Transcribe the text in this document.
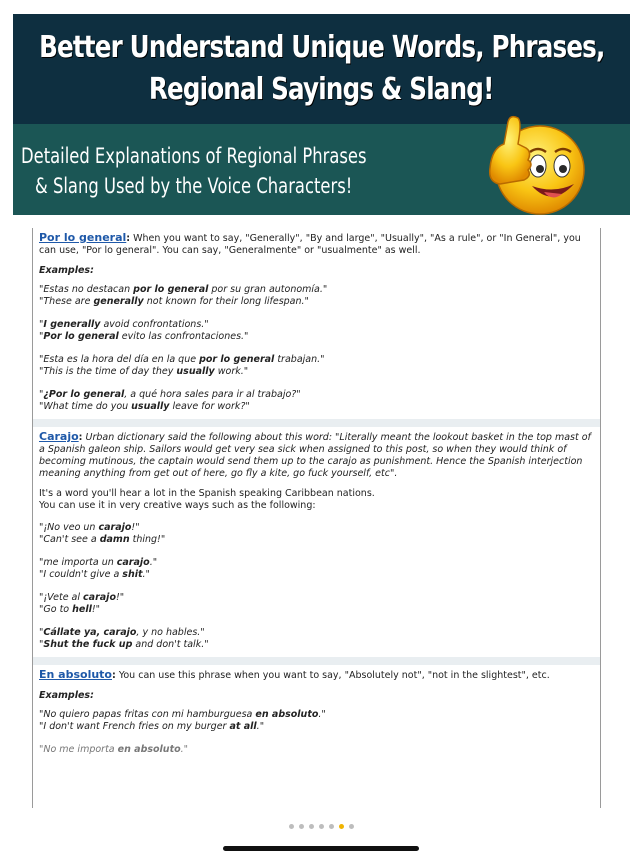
Better Understand Unique Words, Phrases,
Regional Sayings & Slang!
Detailed Explanations of Regional Phrases
& Slang Used by the Voice Characters!

Por lo general: When you want to say, "Generally", "By and large", "Usually", "As a rule", or "In General", you can use, "Por lo general". You can say, "Generalmente" or "usualmente" as well.

Examples:
"Estas no destacan por lo general por su gran autonomía."
"These are generally not known for their long lifespan."
"I generally avoid confrontations."
"Por lo general evito las confrontaciones."
"Esta es la hora del día en la que por lo general trabajan."
"This is the time of day they usually work."
"¿Por lo general, a qué hora sales para ir al trabajo?"
"What time do you usually leave for work?"

Carajo: Urban dictionary said the following about this word: "Literally meant the lookout basket in the top mast of a Spanish galeon ship. Sailors would get very sea sick when assigned to this post, so when they would think of becoming mutinous, the captain would send them up to the carajo as punishment. Hence the Spanish interjection meaning anything from get out of here, go fly a kite, go fuck yourself, etc".

It's a word you'll hear a lot in the Spanish speaking Caribbean nations.

You can use it in very creative ways such as the following:

"¡No veo un carajo!"
"Can't see a damn thing!"
"me importa un carajo."
"I couldn't give a shit."
"¡Vete al carajo!"
"Go to hell!"
"Cállate ya, carajo, y no hables."
"Shut the fuck up and don't talk."

En absoluto: You can use this phrase when you want to say, "Absolutely not", "not in the slightest", etc.

Examples:
"No quiero papas fritas con mi hamburguesa en absoluto."
"I don't want French fries on my burger at all."
"No me importa en absoluto."
